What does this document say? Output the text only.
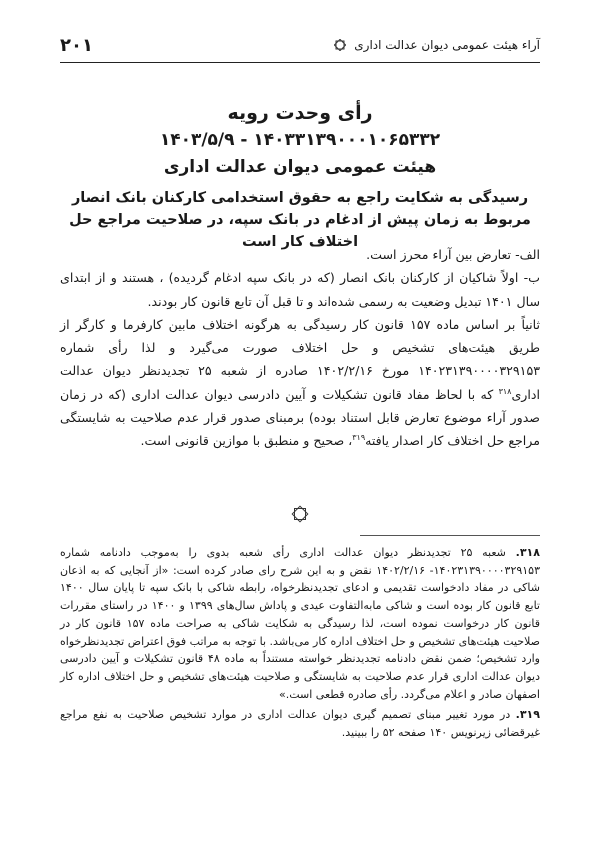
آراء هیئت عمومی دیوان عدالت اداری
۲۰۱
رأی وحدت رویه
۱۴۰۳۳۱۳۹۰۰۰۱۰۶۵۳۳۲ - ۱۴۰۳/۵/۹
هیئت عمومی دیوان عدالت اداری
رسیدگی به شکایت راجع به حقوق استخدامی کارکنان بانک انصار مربوط به زمان پیش از ادغام در بانک سپه، در صلاحیت مراجع حل اختلاف کار است

الف- تعارض بین آراء محرز است.

ب- اولاً شاکیان از کارکنان بانک انصار (که در بانک سپه ادغام گردیده) ، هستند و از ابتدای سال ۱۴۰۱ تبدیل وضعیت به رسمی شده‌اند و تا قبل آن تابع قانون کار بودند.

ثانیاً بر اساس ماده ۱۵۷ قانون کار رسیدگی به هرگونه اختلاف مابین کارفرما و کارگر از طریق هیئت‌های تشخیص و حل اختلاف صورت می‌گیرد و لذا رأی شماره ۱۴۰۲۳۱۳۹۰۰۰۰۳۲۹۱۵۳ مورخ ۱۴۰۲/۲/۱۶ صادره از شعبه ۲۵ تجدیدنظر دیوان عدالت اداری$^{۳۱۸}$ که با لحاظ مفاد قانون تشکیلات و آیین دادرسی دیوان عدالت اداری (که در زمان صدور آراء موضوع تعارض قابل استناد بوده) برمبنای صدور قرار عدم صلاحیت به شایستگی مراجع حل اختلاف کار اصدار یافته$^{۳۱۹}$، صحیح و منطبق با موازین قانونی است.

۳۱۸. شعبه ۲۵ تجدیدنظر دیوان عدالت اداری رأی شعبه بدوی را به‌موجب دادنامه شماره ۱۴۰۲۳۱۳۹۰۰۰۰۳۲۹۱۵۳- ۱۴۰۲/۲/۱۶ نقض و به این شرح رای صادر کرده است: «از آنجایی که به اذعان شاکی در مفاد دادخواست تقدیمی و ادعای تجدیدنظرخواه، رابطه شاکی با بانک سپه تا پایان سال ۱۴۰۰ تابع قانون کار بوده است و شاکی مابه‌التفاوت عیدی و پاداش سال‌های ۱۳۹۹ و ۱۴۰۰ در راستای مقررات قانون کار درخواست نموده است، لذا رسیدگی به شکایت شاکی به صراحت ماده ۱۵۷ قانون کار در صلاحیت هیئت‌های تشخیص و حل اختلاف اداره کار می‌باشد. با توجه به مراتب فوق اعتراض تجدیدنظرخواه وارد تشخیص؛ ضمن نقض دادنامه تجدیدنظر خواسته مستنداً به ماده ۴۸ قانون تشکیلات و آیین دادرسی دیوان عدالت اداری قرار عدم صلاحیت به شایستگی و صلاحیت هیئت‌های تشخیص و حل اختلاف اداره کار اصفهان صادر و اعلام می‌گردد. رأی صادره قطعی است.»

۳۱۹. در مورد تغییر مبنای تصمیم گیری دیوان عدالت اداری در موارد تشخیص صلاحیت به نفع مراجع غیرقضائی زیرنویس ۱۴۰ صفحه ۵۲ را ببینید.
